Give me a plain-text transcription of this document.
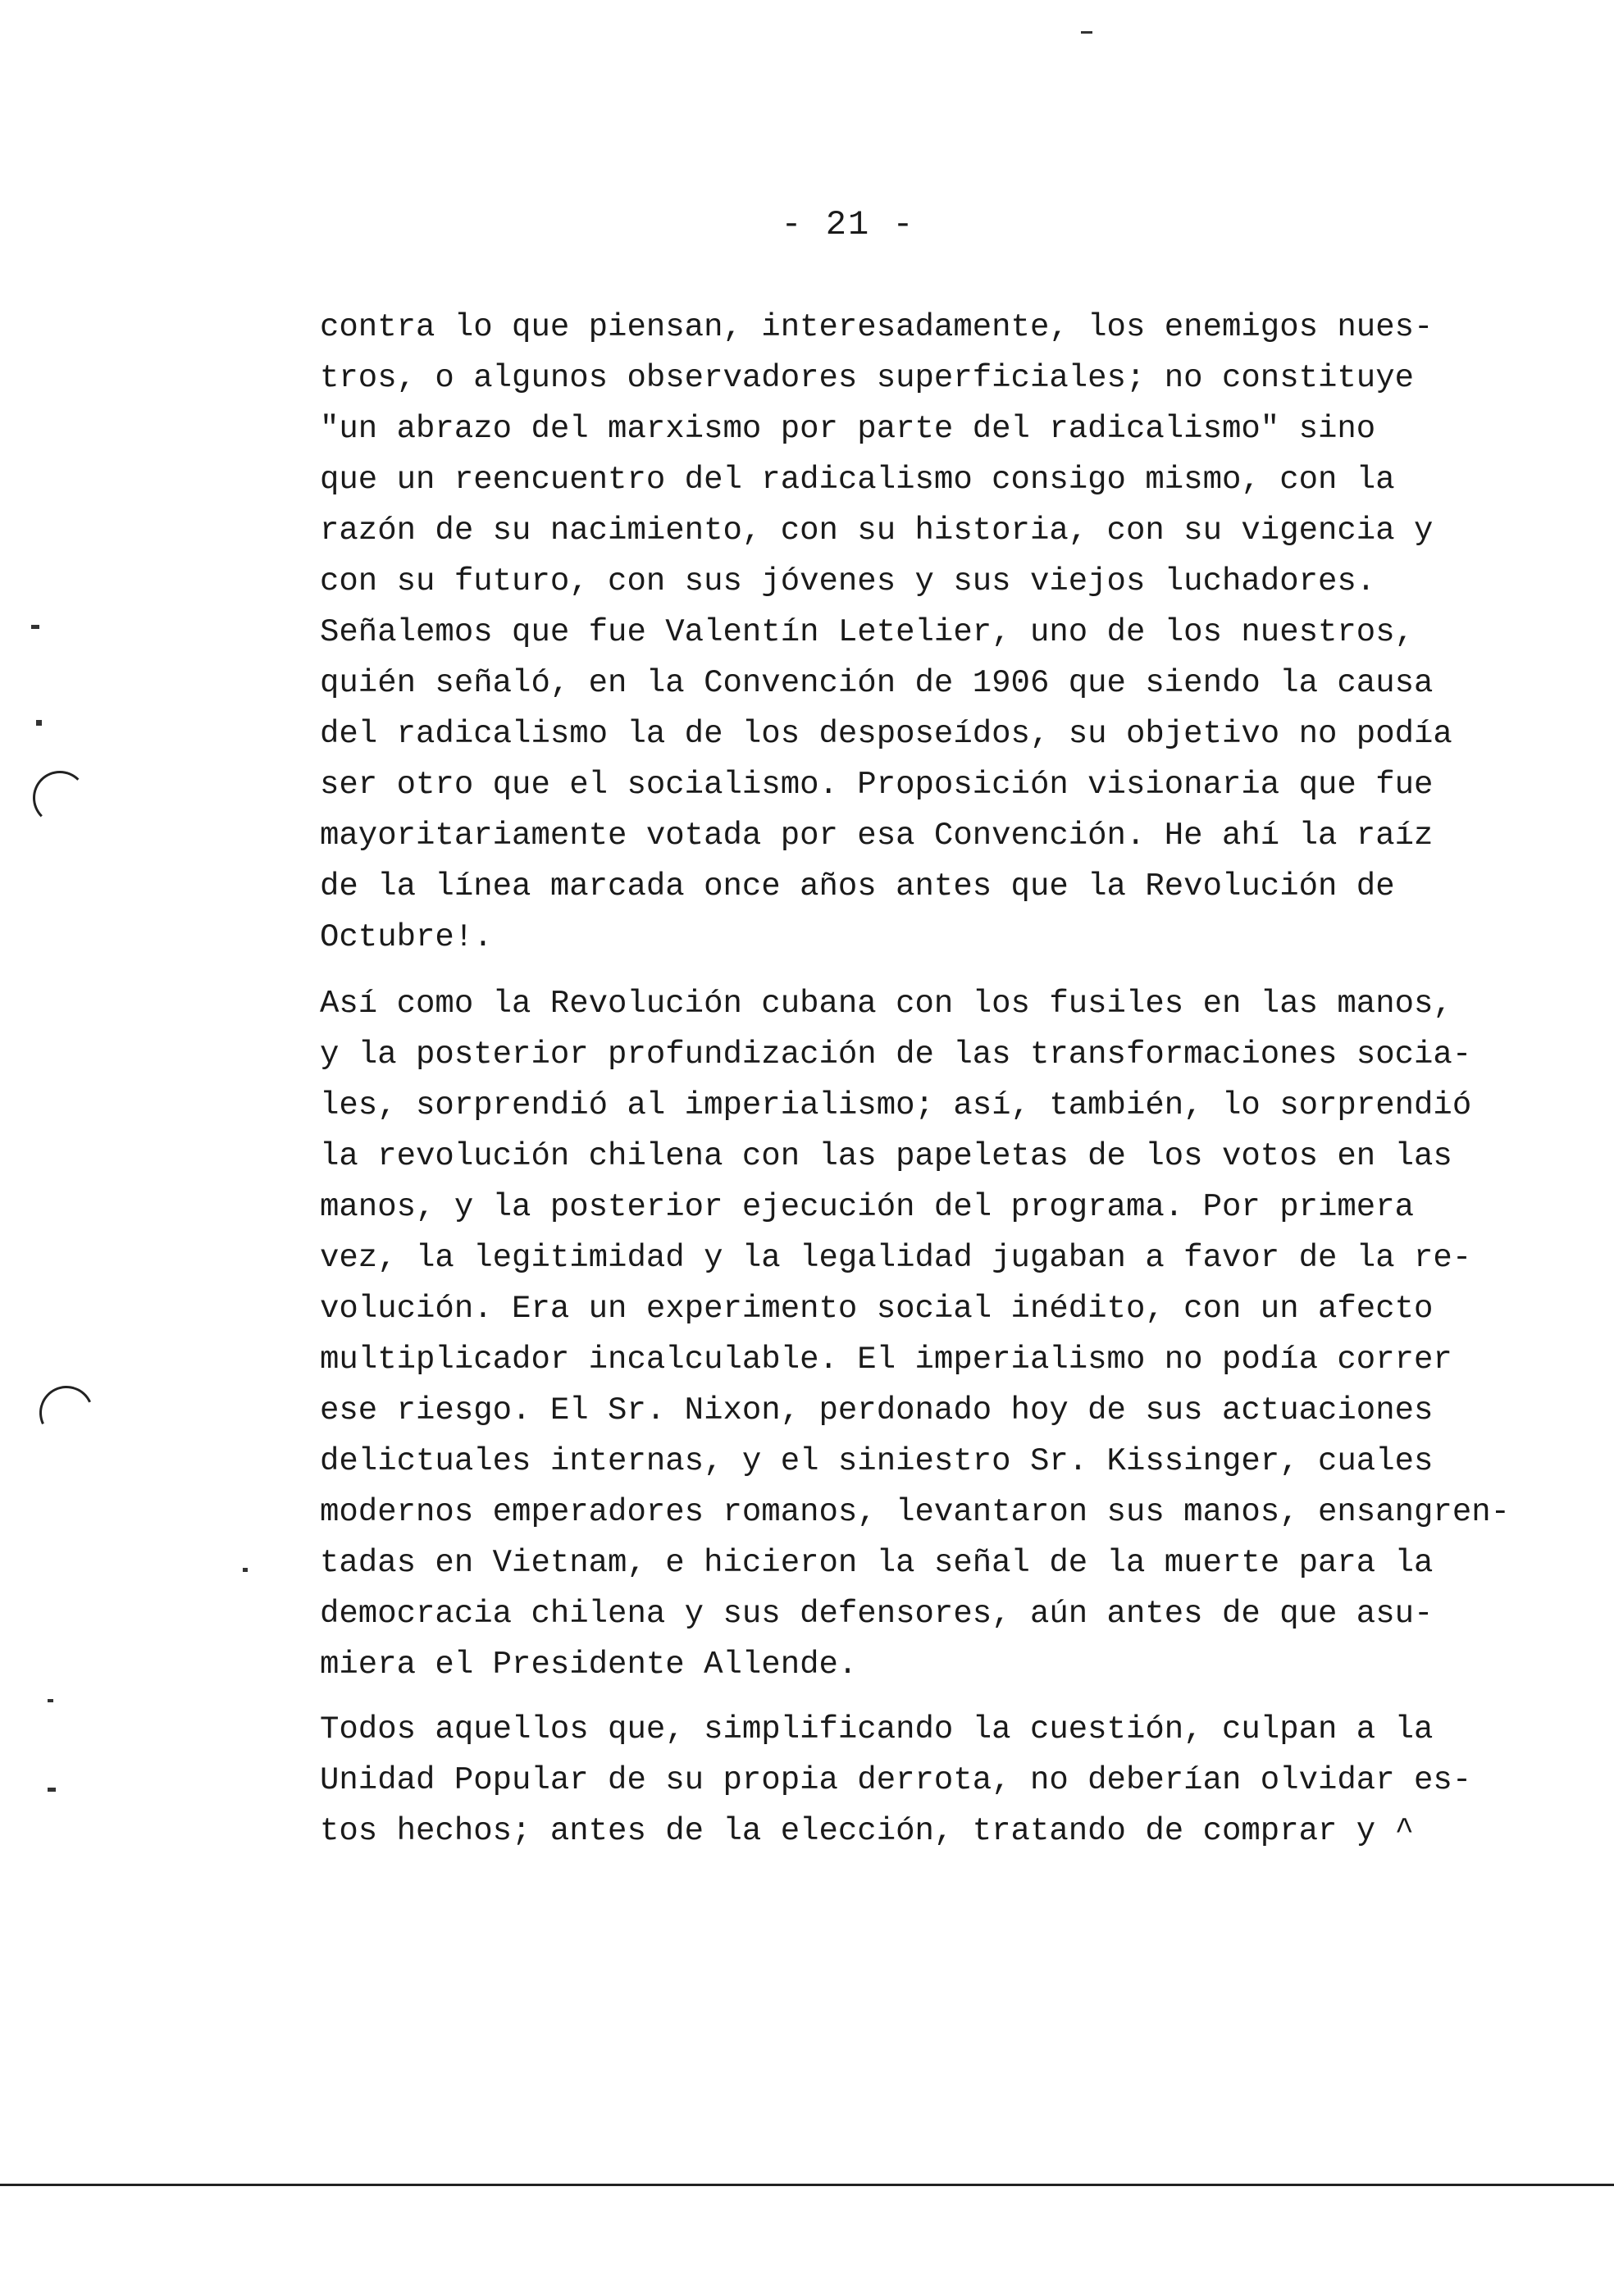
- 21 -

contra lo que piensan, interesadamente, los enemigos nues-
tros, o algunos observadores superficiales; no constituye
"un abrazo del marxismo por parte del radicalismo" sino
que un reencuentro del radicalismo consigo mismo, con la
razón de su nacimiento, con su historia, con su vigencia y
con su futuro, con sus jóvenes y sus viejos luchadores.
Señalemos que fue Valentín Letelier, uno de los nuestros,
quién señaló, en la Convención de 1906 que siendo la causa
del radicalismo la de los desposeídos, su objetivo no podía
ser otro que el socialismo. Proposición visionaria que fue
mayoritariamente votada por esa Convención. He ahí la raíz
de la línea marcada once años antes que la Revolución de
Octubre!.

Así como la Revolución cubana con los fusiles en las manos,
y la posterior profundización de las transformaciones socia-
les, sorprendió al imperialismo; así, también, lo sorprendió
la revolución chilena con las papeletas de los votos en las
manos, y la posterior ejecución del programa. Por primera
vez, la legitimidad y la legalidad jugaban a favor de la re-
volución. Era un experimento social inédito, con un afecto
multiplicador incalculable. El imperialismo no podía correr
ese riesgo. El Sr. Nixon, perdonado hoy de sus actuaciones
delictuales internas, y el siniestro Sr. Kissinger, cuales
modernos emperadores romanos, levantaron sus manos, ensangren-
tadas en Vietnam, e hicieron la señal de la muerte para la
democracia chilena y sus defensores, aún antes de que asu-
miera el Presidente Allende.

Todos aquellos que, simplificando la cuestión, culpan a la
Unidad Popular de su propia derrota, no deberían olvidar es-
tos hechos; antes de la elección, tratando de comprar y ^
